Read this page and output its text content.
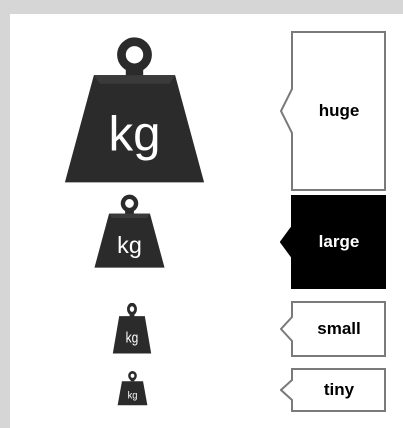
kg
kg
kg
kg
huge
large
small
tiny
